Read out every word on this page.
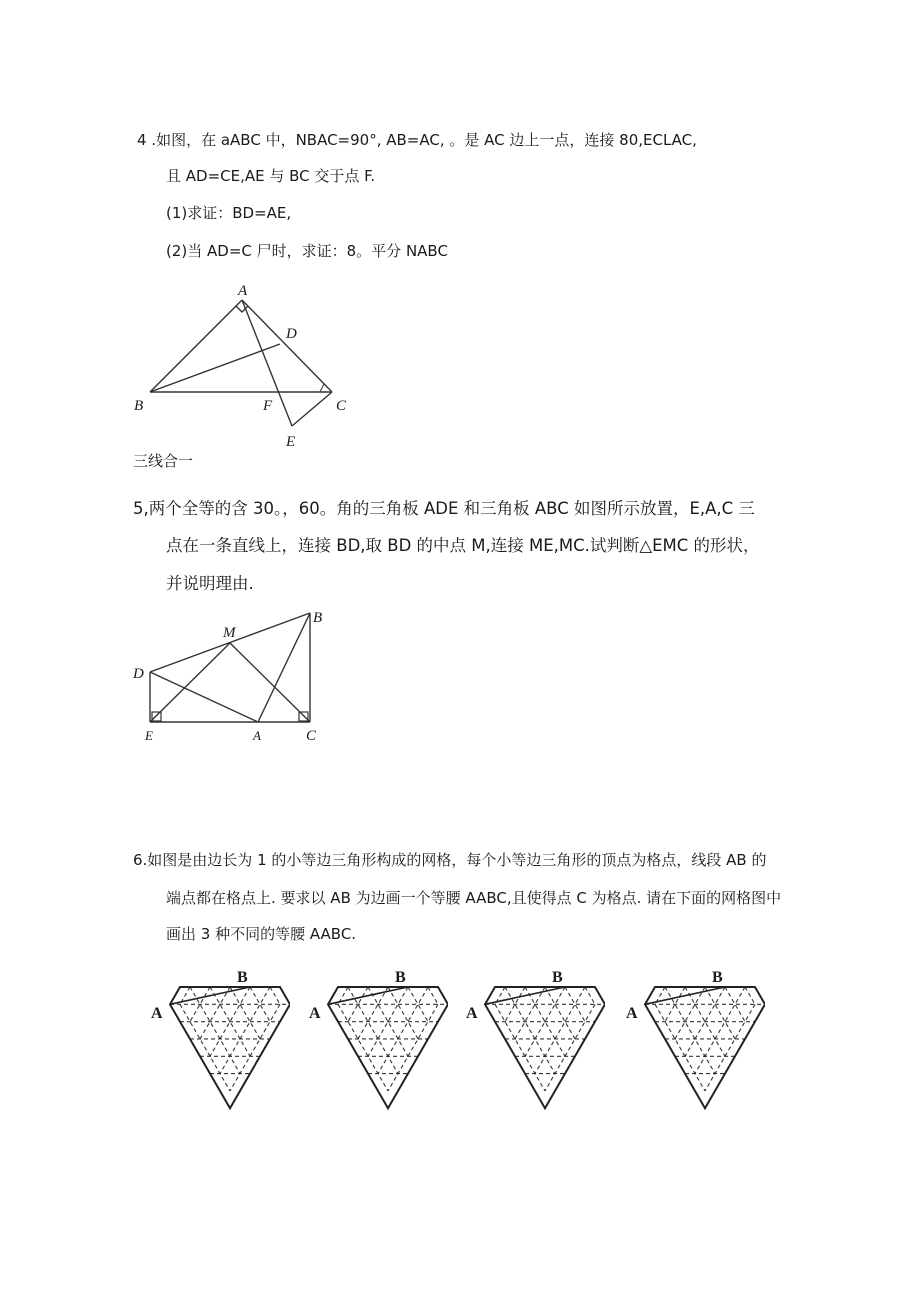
4 .如图，在 aABC 中，NBAC=90°, AB=AC, 。是 AC 边上一点，连接 80,ECLAC,
且 AD=CE,AE 与 BC 交于点 F.
(1)求证：BD=AE,
(2)当 AD=C 尸时，求证：8。平分 NABC
A
B	C
D
E
F
三线合一
5,两个全等的含 30。，60。角的三角板 ADE 和三角板 ABC 如图所示放置，E,A,C 三
点在一条直线上，连接 BD,取 BD 的中点 M,连接 ME,MC.试判断△EMC 的形状，
并说明理由.
M
B
D
E	A	C
6.如图是由边长为 1 的小等边三角形构成的网格，每个小等边三角形的顶点为格点，线段 AB 的
端点都在格点上. 要求以 AB 为边画一个等腰 AABC,且使得点 C 为格点. 请在下面的网格图中
画出 3 种不同的等腰 AABC.
A
B
A
B
A
B
A
B
